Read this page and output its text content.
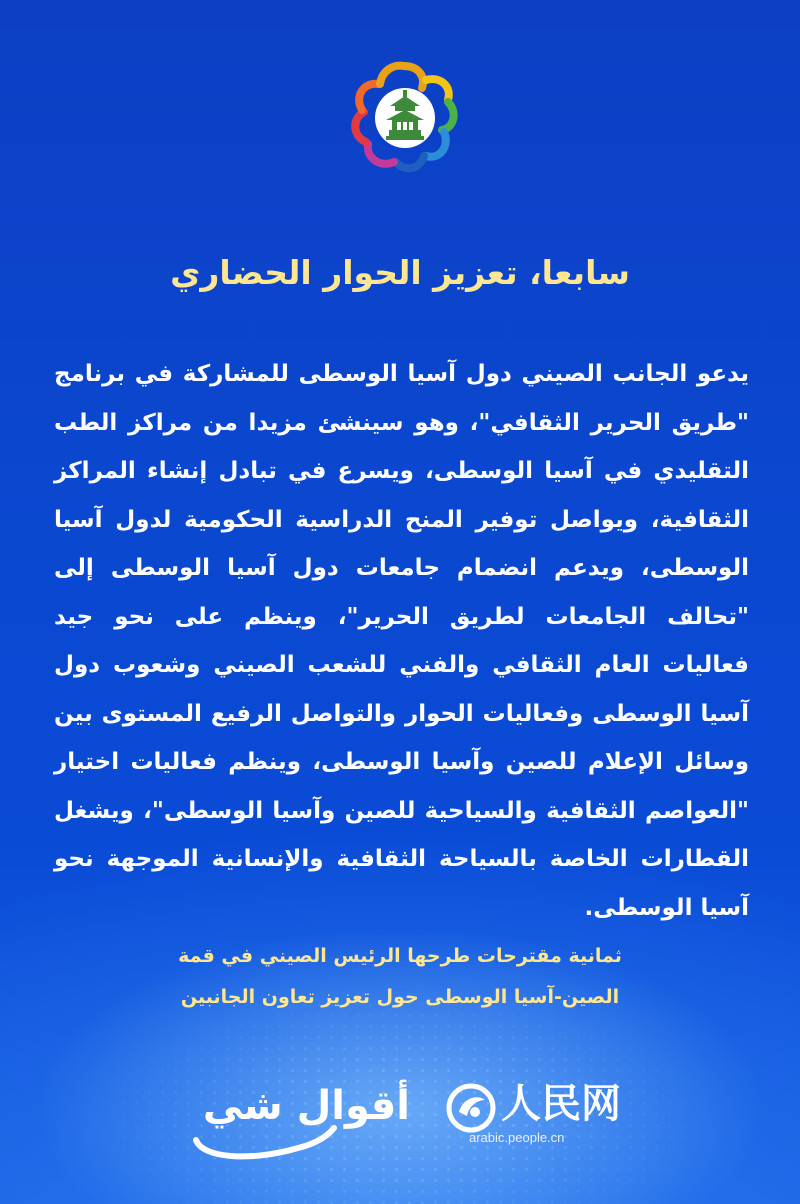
سابعا، تعزيز الحوار الحضاري

يدعو الجانب الصيني دول آسيا الوسطى للمشاركة في برنامج "طريق الحرير الثقافي"، وهو سينشئ مزيدا من مراكز الطب التقليدي في آسيا الوسطى، ويسرع في تبادل إنشاء المراكز الثقافية، ويواصل توفير المنح الدراسية الحكومية لدول آسيا الوسطى، ويدعم انضمام جامعات دول آسيا الوسطى إلى "تحالف الجامعات لطريق الحرير"، وينظم على نحو جيد فعاليات العام الثقافي والفني للشعب الصيني وشعوب دول آسيا الوسطى وفعاليات الحوار والتواصل الرفيع المستوى بين وسائل الإعلام للصين وآسيا الوسطى، وينظم فعاليات اختيار "العواصم الثقافية والسياحية للصين وآسيا الوسطى"، ويشغل القطارات الخاصة بالسياحة الثقافية والإنسانية الموجهة نحو آسيا الوسطى.

ثمانية مقترحات طرحها الرئيس الصيني في قمة
الصين-آسيا الوسطى حول تعزيز تعاون الجانبين
أقوال شي 人民网
arabic.people.cn
